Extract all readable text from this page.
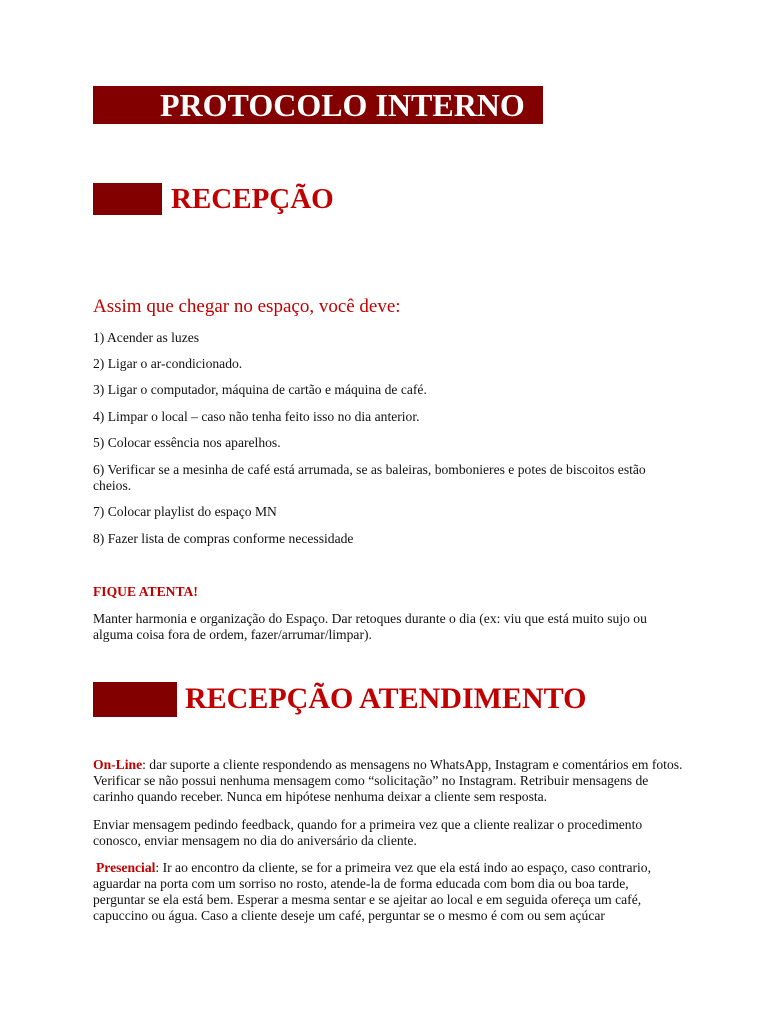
PROTOCOLO INTERNO
RECEPÇÃO
Assim que chegar no espaço, você deve:
1) Acender as luzes
2) Ligar o ar-condicionado.
3) Ligar o computador, máquina de cartão e máquina de café.
4) Limpar o local – caso não tenha feito isso no dia anterior.
5) Colocar essência nos aparelhos.
6) Verificar se a mesinha de café está arrumada, se as baleiras, bombonieres e potes de biscoitos estão cheios.
7) Colocar playlist do espaço MN
8) Fazer lista de compras conforme necessidade
FIQUE ATENTA!
Manter harmonia e organização do Espaço. Dar retoques durante o dia (ex: viu que está muito sujo ou alguma coisa fora de ordem, fazer/arrumar/limpar).
RECEPÇÃO ATENDIMENTO
On-Line: dar suporte a cliente respondendo as mensagens no WhatsApp, Instagram e comentários em fotos. Verificar se não possui nenhuma mensagem como “solicitação” no Instagram. Retribuir mensagens de carinho quando receber. Nunca em hipótese nenhuma deixar a cliente sem resposta.
Enviar mensagem pedindo feedback, quando for a primeira vez que a cliente realizar o procedimento conosco, enviar mensagem no dia do aniversário da cliente.
Presencial: Ir ao encontro da cliente, se for a primeira vez que ela está indo ao espaço, caso contrario, aguardar na porta com um sorriso no rosto, atende-la de forma educada com bom dia ou boa tarde, perguntar se ela está bem. Esperar a mesma sentar e se ajeitar ao local e em seguida ofereça um café, capuccino ou água. Caso a cliente deseje um café, perguntar se o mesmo é com ou sem açúcar
